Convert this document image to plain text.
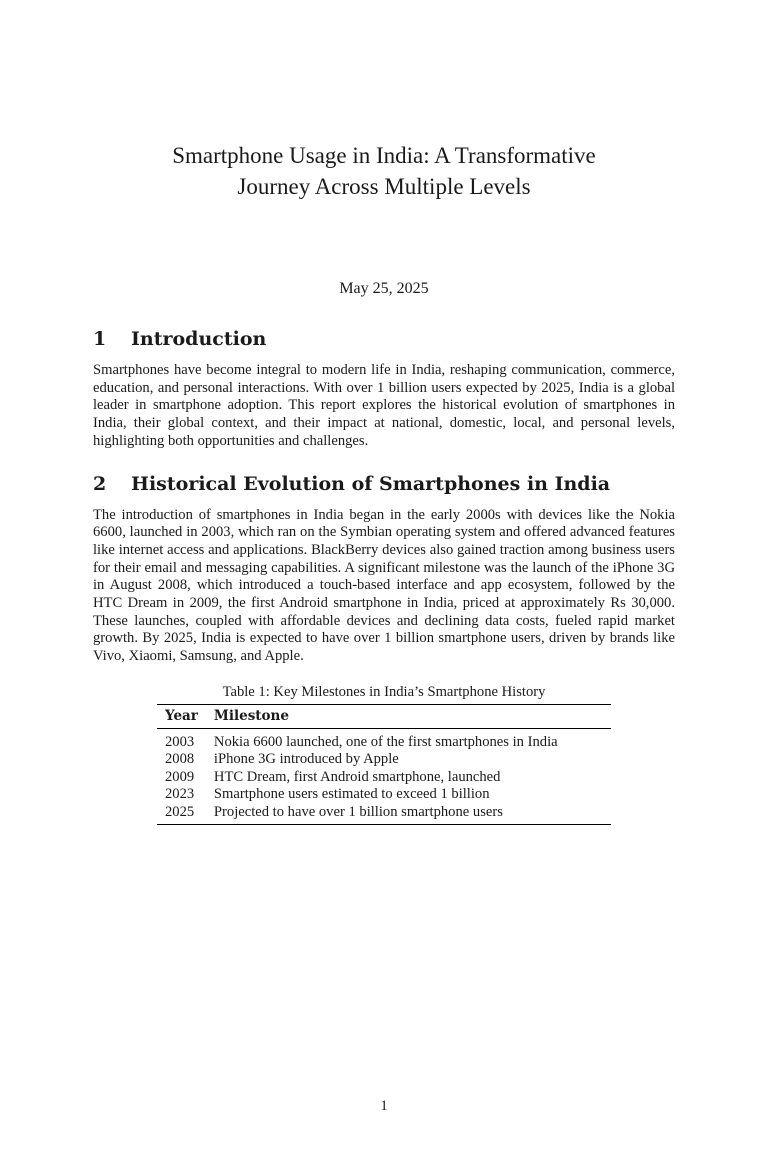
Smartphone Usage in India: A Transformative
Journey Across Multiple Levels
May 25, 2025
1	Introduction

Smartphones have become integral to modern life in India, reshaping communication, commerce, education, and personal interactions. With over 1 billion users expected by 2025, India is a global leader in smartphone adoption. This report explores the historical evolution of smartphones in India, their global context, and their impact at national, domestic, local, and personal levels, highlighting both opportunities and challenges.

2	Historical Evolution of Smartphones in India

The introduction of smartphones in India began in the early 2000s with devices like the Nokia 6600, launched in 2003, which ran on the Symbian operating system and offered advanced features like internet access and applications. BlackBerry devices also gained traction among business users for their email and messaging capabilities. A significant milestone was the launch of the iPhone 3G in August 2008, which introduced a touch-based interface and app ecosystem, followed by the HTC Dream in 2009, the first Android smartphone in India, priced at approximately Rs 30,000. These launches, coupled with affordable devices and declining data costs, fueled rapid market growth. By 2025, India is expected to have over 1 billion smartphone users, driven by brands like Vivo, Xiaomi, Samsung, and Apple.

Table 1: Key Milestones in India’s Smartphone History
Year	Milestone
2003	Nokia 6600 launched, one of the first smartphones in India
2008	iPhone 3G introduced by Apple
2009	HTC Dream, first Android smartphone, launched
2023	Smartphone users estimated to exceed 1 billion
2025	Projected to have over 1 billion smartphone users
1
